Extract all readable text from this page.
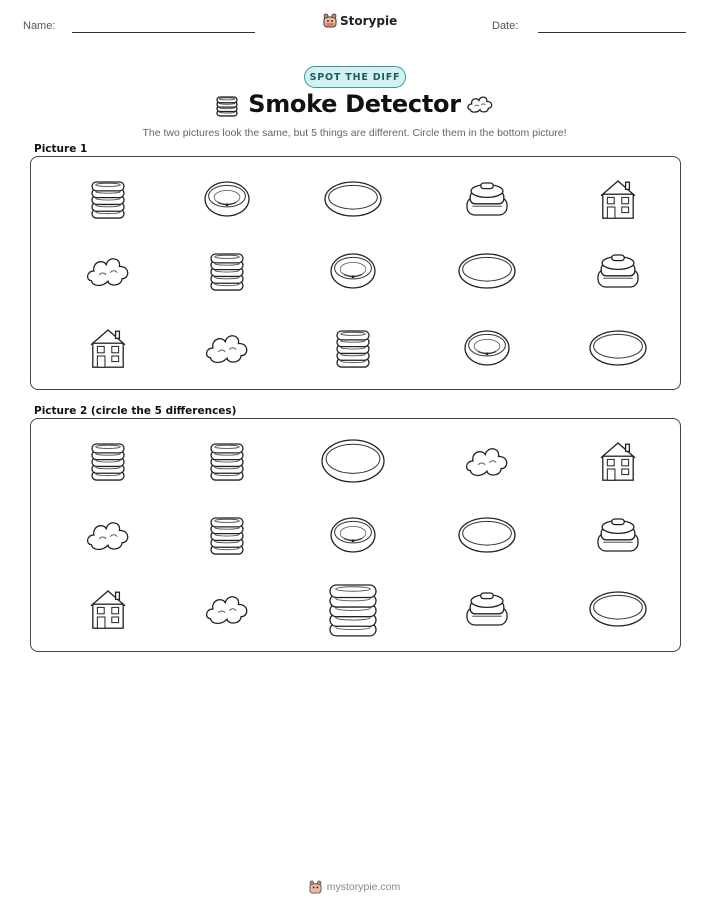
Name:	Storypie	Date:
SPOT THE DIFF
Smoke Detector
The two pictures look the same, but 5 things are different. Circle them in the bottom picture!
Picture 1
Picture 2 (circle the 5 differences)
mystorypie.com
